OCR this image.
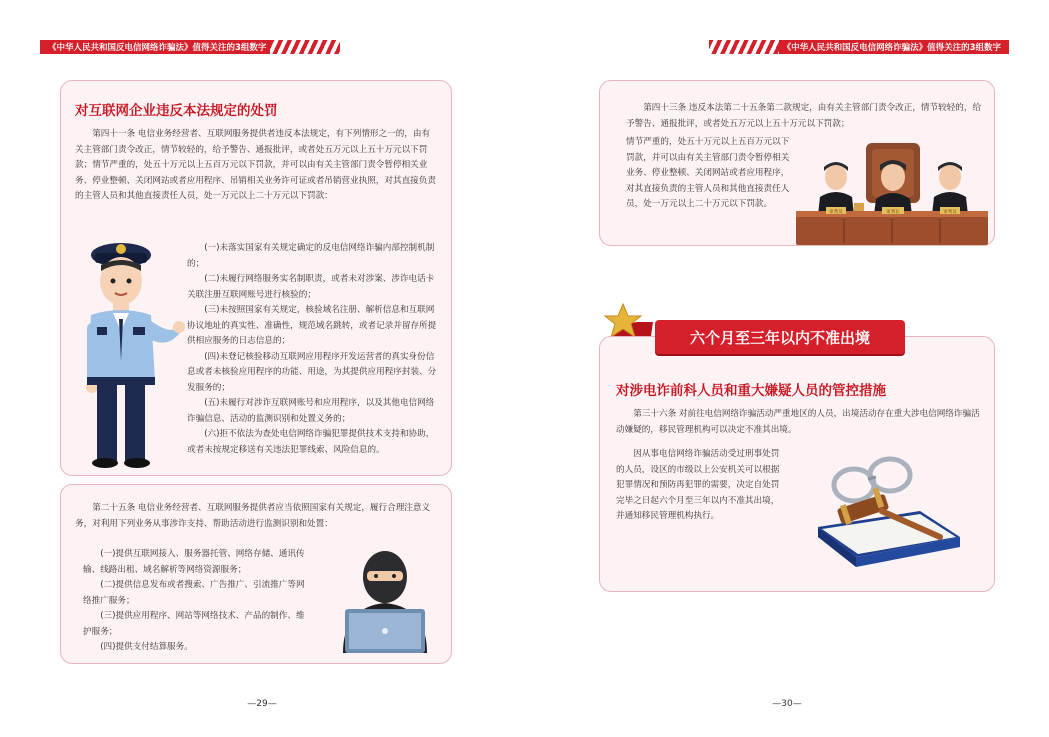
《中华人民共和国反电信网络诈骗法》值得关注的3组数字
对互联网企业违反本法规定的处罚
第四十一条 电信业务经营者、互联网服务提供者违反本法规定，有下列情形之一的，由有关主管部门责令改正，情节较轻的，给予警告、通报批评，或者处五万元以上五十万元以下罚款；情节严重的，处五十万元以上五百万元以下罚款，并可以由有关主管部门责令暂停相关业务、停业整顿、关闭网站或者应用程序、吊销相关业务许可证或者吊销营业执照，对其直接负责的主管人员和其他直接责任人员，处一万元以上二十万元以下罚款：
(一)未落实国家有关规定确定的反电信网络诈骗内部控制机制的；
(二)未履行网络服务实名制职责，或者未对涉案、涉诈电话卡关联注册互联网账号进行核验的；
(三)未按照国家有关规定，核验域名注册、解析信息和互联网协议地址的真实性、准确性，规范域名跳转，或者记录并留存所提供相应服务的日志信息的；
(四)未登记核验移动互联网应用程序开发运营者的真实身份信息或者未核验应用程序的功能、用途，为其提供应用程序封装、分发服务的；
(五)未履行对涉诈互联网账号和应用程序，以及其他电信网络诈骗信息、活动的监测识别和处置义务的；
(六)拒不依法为查处电信网络诈骗犯罪提供技术支持和协助，或者未按规定移送有关违法犯罪线索、风险信息的。
第二十五条 电信业务经营者、互联网服务提供者应当依照国家有关规定，履行合理注意义务，对利用下列业务从事涉诈支持、帮助活动进行监测识别和处置：
(一)提供互联网接入、服务器托管、网络存储、通讯传输、线路出租、域名解析等网络资源服务；
(二)提供信息发布或者搜索、广告推广、引流推广等网络推广服务；
(三)提供应用程序、网站等网络技术、产品的制作、维护服务；
(四)提供支付结算服务。
—29—
《中华人民共和国反电信网络诈骗法》值得关注的3组数字
第四十三条 违反本法第二十五条第二款规定，由有关主管部门责令改正，情节较轻的，给予警告、通报批评，或者处五万元以上五十万元以下罚款；
情节严重的，处五十万元以上五百万元以下罚款，并可以由有关主管部门责令暂停相关业务、停业整顿、关闭网站或者应用程序，对其直接负责的主管人员和其他直接责任人员，处一万元以上二十万元以下罚款。
审判员	审判长	审判员
对涉电诈前科人员和重大嫌疑人员的管控措施
第三十六条 对前往电信网络诈骗活动严重地区的人员，出境活动存在重大涉电信网络诈骗活动嫌疑的，移民管理机构可以决定不准其出境。
因从事电信网络诈骗活动受过刑事处罚的人员，设区的市级以上公安机关可以根据犯罪情况和预防再犯罪的需要，决定自处罚完毕之日起六个月至三年以内不准其出境，并通知移民管理机构执行。
六个月至三年以内不准出境
—30—
